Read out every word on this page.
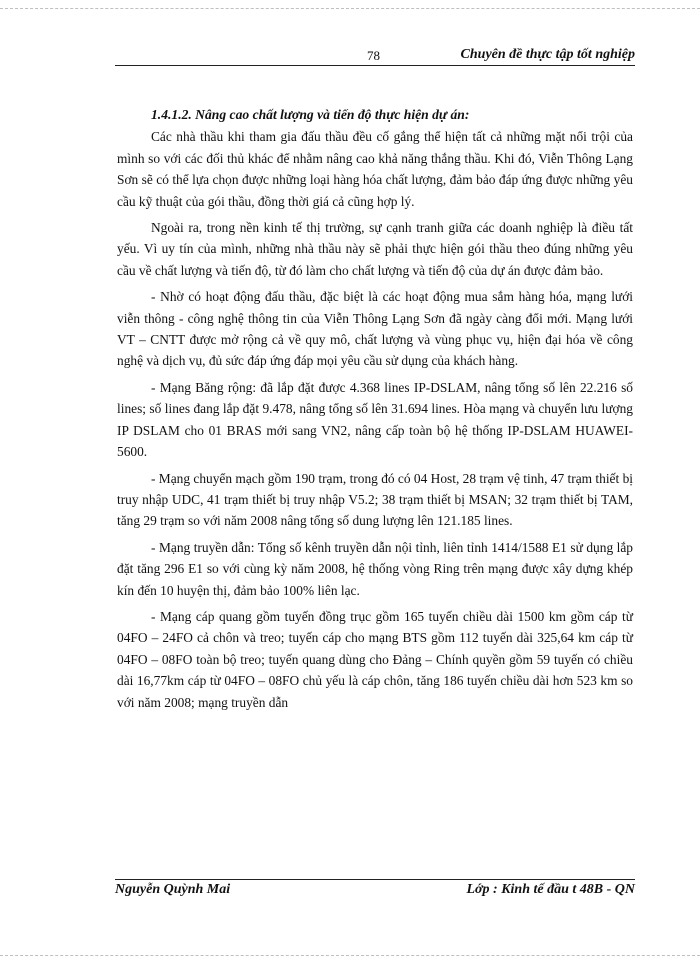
78	Chuyên đề thực tập tốt nghiệp

1.4.1.2. Nâng cao chất lượng và tiến độ thực hiện dự án:

Các nhà thầu khi tham gia đấu thầu đều cố gắng thể hiện tất cả những mặt nổi trội của mình so với các đối thủ khác để nhằm nâng cao khả năng thắng thầu. Khi đó, Viễn Thông Lạng Sơn sẽ có thể lựa chọn được những loại hàng hóa chất lượng, đảm bảo đáp ứng được những yêu cầu kỹ thuật của gói thầu, đồng thời giá cả cũng hợp lý.

Ngoài ra, trong nền kinh tế thị trường, sự cạnh tranh giữa các doanh nghiệp là điều tất yếu. Vì uy tín của mình, những nhà thầu này sẽ phải thực hiện gói thầu theo đúng những yêu cầu về chất lượng và tiến độ, từ đó làm cho chất lượng và tiến độ của dự án được đảm bảo.

- Nhờ có hoạt động đấu thầu, đặc biệt là các hoạt động mua sắm hàng hóa, mạng lưới viễn thông - công nghệ thông tin của Viễn Thông Lạng Sơn đã ngày càng đổi mới. Mạng lưới VT – CNTT được mở rộng cả về quy mô, chất lượng và vùng phục vụ, hiện đại hóa về công nghệ và dịch vụ, đủ sức đáp ứng đáp mọi yêu cầu sử dụng của khách hàng.

- Mạng Băng rộng: đã lắp đặt được 4.368 lines IP-DSLAM, nâng tổng số lên 22.216 số lines; số lines đang lắp đặt 9.478, nâng tổng số lên 31.694 lines. Hòa mạng và chuyển lưu lượng IP DSLAM cho 01 BRAS mới sang VN2, nâng cấp toàn bộ hệ thống IP-DSLAM HUAWEI-5600.

- Mạng chuyển mạch gồm 190 trạm, trong đó có 04 Host, 28 trạm vệ tinh, 47 trạm thiết bị truy nhập UDC, 41 trạm thiết bị truy nhập V5.2; 38 trạm thiết bị MSAN; 32 trạm thiết bị TAM, tăng 29 trạm so với năm 2008 nâng tổng số dung lượng lên 121.185 lines.

- Mạng truyền dẫn: Tổng số kênh truyền dẫn nội tỉnh, liên tỉnh 1414/1588 E1 sử dụng lắp đặt tăng 296 E1 so với cùng kỳ năm 2008, hệ thống vòng Ring trên mạng được xây dựng khép kín đến 10 huyện thị, đảm bảo 100% liên lạc.

- Mạng cáp quang gồm tuyến đồng trục gồm 165 tuyến chiều dài 1500 km gồm cáp từ 04FO – 24FO cả chôn và treo; tuyến cáp cho mạng BTS gồm 112 tuyến dài 325,64 km cáp từ 04FO – 08FO toàn bộ treo; tuyến quang dùng cho Đảng – Chính quyền gồm 59 tuyến có chiều dài 16,77km cáp từ 04FO – 08FO chủ yếu là cáp chôn, tăng 186 tuyến chiều dài hơn 523 km so với năm 2008; mạng truyền dẫn

Nguyễn Quỳnh Mai	Lớp : Kinh tế đầu t 48B - QN
